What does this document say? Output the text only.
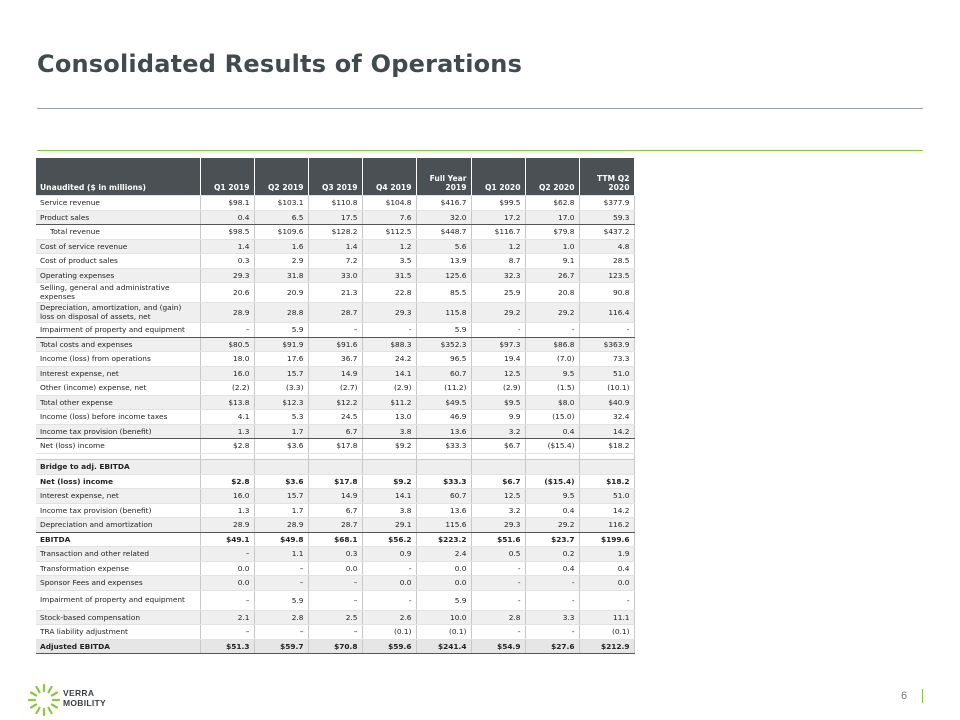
Consolidated Results of Operations
Unaudited ($ in millions)	Q1 2019	Q2 2019	Q3 2019	Q4 2019	Full Year 2019	Q1 2020	Q2 2020	TTM Q2 2020
Service revenue	$98.1	$103.1	$110.8	$104.8	$416.7	$99.5	$62.8	$377.9
Product sales	0.4	6.5	17.5	7.6	32.0	17.2	17.0	59.3
Total revenue	$98.5	$109.6	$128.2	$112.5	$448.7	$116.7	$79.8	$437.2
Cost of service revenue	1.4	1.6	1.4	1.2	5.6	1.2	1.0	4.8
Cost of product sales	0.3	2.9	7.2	3.5	13.9	8.7	9.1	28.5
Operating expenses	29.3	31.8	33.0	31.5	125.6	32.3	26.7	123.5
Selling, general and administrative expenses	20.6	20.9	21.3	22.8	85.5	25.9	20.8	90.8
Depreciation, amortization, and (gain) loss on disposal of assets, net	28.9	28.8	28.7	29.3	115.8	29.2	29.2	116.4
Impairment of property and equipment	–	5.9	–	-	5.9	-	-	-
Total costs and expenses	$80.5	$91.9	$91.6	$88.3	$352.3	$97.3	$86.8	$363.9
Income (loss) from operations	18.0	17.6	36.7	24.2	96.5	19.4	(7.0)	73.3
Interest expense, net	16.0	15.7	14.9	14.1	60.7	12.5	9.5	51.0
Other (income) expense, net	(2.2)	(3.3)	(2.7)	(2.9)	(11.2)	(2.9)	(1.5)	(10.1)
Total other expense	$13.8	$12.3	$12.2	$11.2	$49.5	$9.5	$8.0	$40.9
Income (loss) before income taxes	4.1	5.3	24.5	13.0	46.9	9.9	(15.0)	32.4
Income tax provision (benefit)	1.3	1.7	6.7	3.8	13.6	3.2	0.4	14.2
Net (loss) income	$2.8	$3.6	$17.8	$9.2	$33.3	$6.7	($15.4)	$18.2

Bridge to adj. EBITDA								
Net (loss) income	$2.8	$3.6	$17.8	$9.2	$33.3	$6.7	($15.4)	$18.2
Interest expense, net	16.0	15.7	14.9	14.1	60.7	12.5	9.5	51.0
Income tax provision (benefit)	1.3	1.7	6.7	3.8	13.6	3.2	0.4	14.2
Depreciation and amortization	28.9	28.9	28.7	29.1	115.6	29.3	29.2	116.2
EBITDA	$49.1	$49.8	$68.1	$56.2	$223.2	$51.6	$23.7	$199.6
Transaction and other related	–	1.1	0.3	0.9	2.4	0.5	0.2	1.9
Transformation expense	0.0	–	0.0	-	0.0	-	0.4	0.4
Sponsor Fees and expenses	0.0	–	–	0.0	0.0	-	-	0.0
Impairment of property and equipment	–	5.9	–	-	5.9	-	-	-
Stock-based compensation	2.1	2.8	2.5	2.6	10.0	2.8	3.3	11.1
TRA liability adjustment	–	–	–	(0.1)	(0.1)	-	-	(0.1)
Adjusted EBITDA	$51.3	$59.7	$70.8	$59.6	$241.4	$54.9	$27.6	$212.9
VERRA
MOBILITY
6
